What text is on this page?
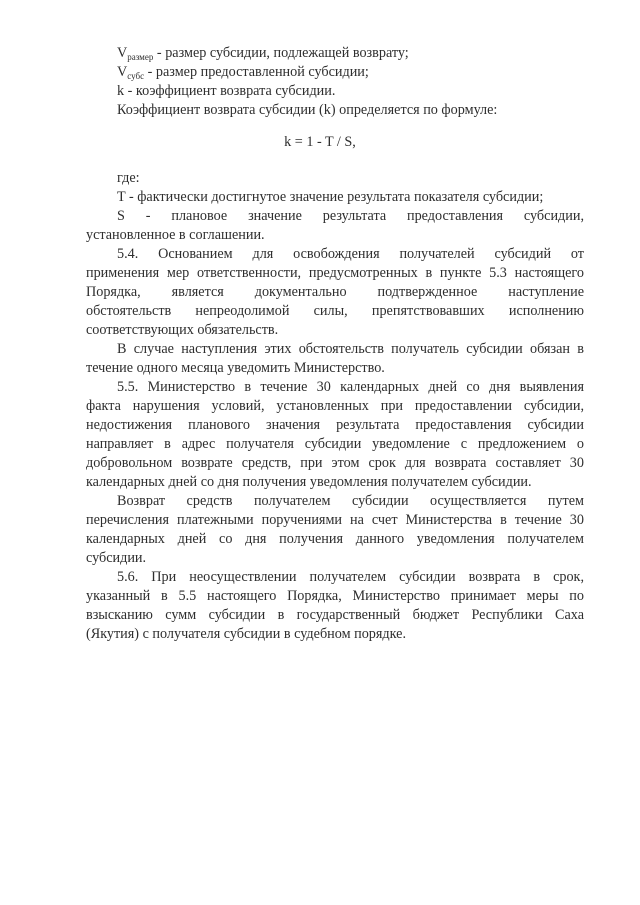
$V_{размер}$ - размер субсидии, подлежащей возврату;
$V_{субс}$ - размер предоставленной субсидии;
k - коэффициент возврата субсидии.
Коэффициент возврата субсидии (k) определяется по формуле:
k = 1 - T / S,
где:
T - фактически достигнутое значение результата показателя субсидии;
S - плановое значение результата предоставления субсидии,
установленное в соглашении.
5.4. Основанием для освобождения получателей субсидий от
применения мер ответственности, предусмотренных в пункте 5.3 настоящего
Порядка, является документально подтвержденное наступление
обстоятельств непреодолимой силы, препятствовавших исполнению
соответствующих обязательств.
В случае наступления этих обстоятельств получатель субсидии обязан в
течение одного месяца уведомить Министерство.
5.5. Министерство в течение 30 календарных дней со дня выявления
факта нарушения условий, установленных при предоставлении субсидии,
недостижения планового значения результата предоставления субсидии
направляет в адрес получателя субсидии уведомление с предложением о
добровольном возврате средств, при этом срок для возврата составляет 30
календарных дней со дня получения уведомления получателем субсидии.
Возврат средств получателем субсидии осуществляется путем
перечисления платежными поручениями на счет Министерства в течение 30
календарных дней со дня получения данного уведомления получателем
субсидии.
5.6. При неосуществлении получателем субсидии возврата в срок,
указанный в 5.5 настоящего Порядка, Министерство принимает меры по
взысканию сумм субсидии в государственный бюджет Республики Саха
(Якутия) с получателя субсидии в судебном порядке.
